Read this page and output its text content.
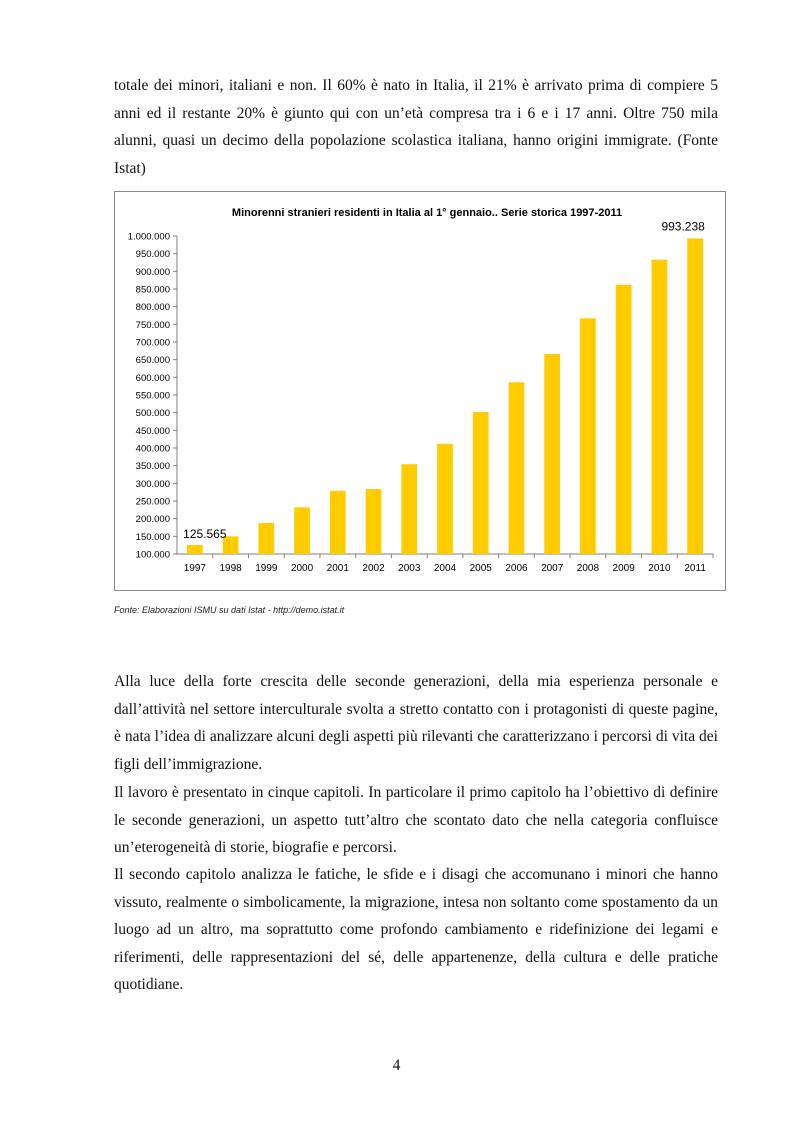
totale dei minori, italiani e non. Il 60% è nato in Italia, il 21% è arrivato prima di compiere 5 anni ed il restante 20% è giunto qui con un’età compresa tra i 6 e i 17 anni. Oltre 750 mila alunni, quasi un decimo della popolazione scolastica italiana, hanno origini immigrate. (Fonte Istat)

Minorenni stranieri residenti in Italia al 1° gennaio.. Serie storica 1997-2011
100.000
150.000
200.000
250.000
300.000
350.000
400.000
450.000
500.000
550.000
600.000
650.000
700.000
750.000
800.000
850.000
900.000
950.000
1.000.000
1997 1998 1999 2000 2001 2002 2003 2004 2005 2006 2007 2008 2009 2010 2011
125.565
993.238
Fonte: Elaborazioni ISMU su dati Istat - http://demo.istat.it

Alla luce della forte crescita delle seconde generazioni, della mia esperienza personale e dall’attività nel settore interculturale svolta a stretto contatto con i protagonisti di queste pagine, è nata l’idea di analizzare alcuni degli aspetti più rilevanti che caratterizzano i percorsi di vita dei figli dell’immigrazione.

Il lavoro è presentato in cinque capitoli. In particolare il primo capitolo ha l’obiettivo di definire le seconde generazioni, un aspetto tutt’altro che scontato dato che nella categoria confluisce un’eterogeneità di storie, biografie e percorsi.

Il secondo capitolo analizza le fatiche, le sfide e i disagi che accomunano i minori che hanno vissuto, realmente o simbolicamente, la migrazione, intesa non soltanto come spostamento da un luogo ad un altro, ma soprattutto come profondo cambiamento e ridefinizione dei legami e riferimenti, delle rappresentazioni del sé, delle appartenenze, della cultura e delle pratiche quotidiane.

4
